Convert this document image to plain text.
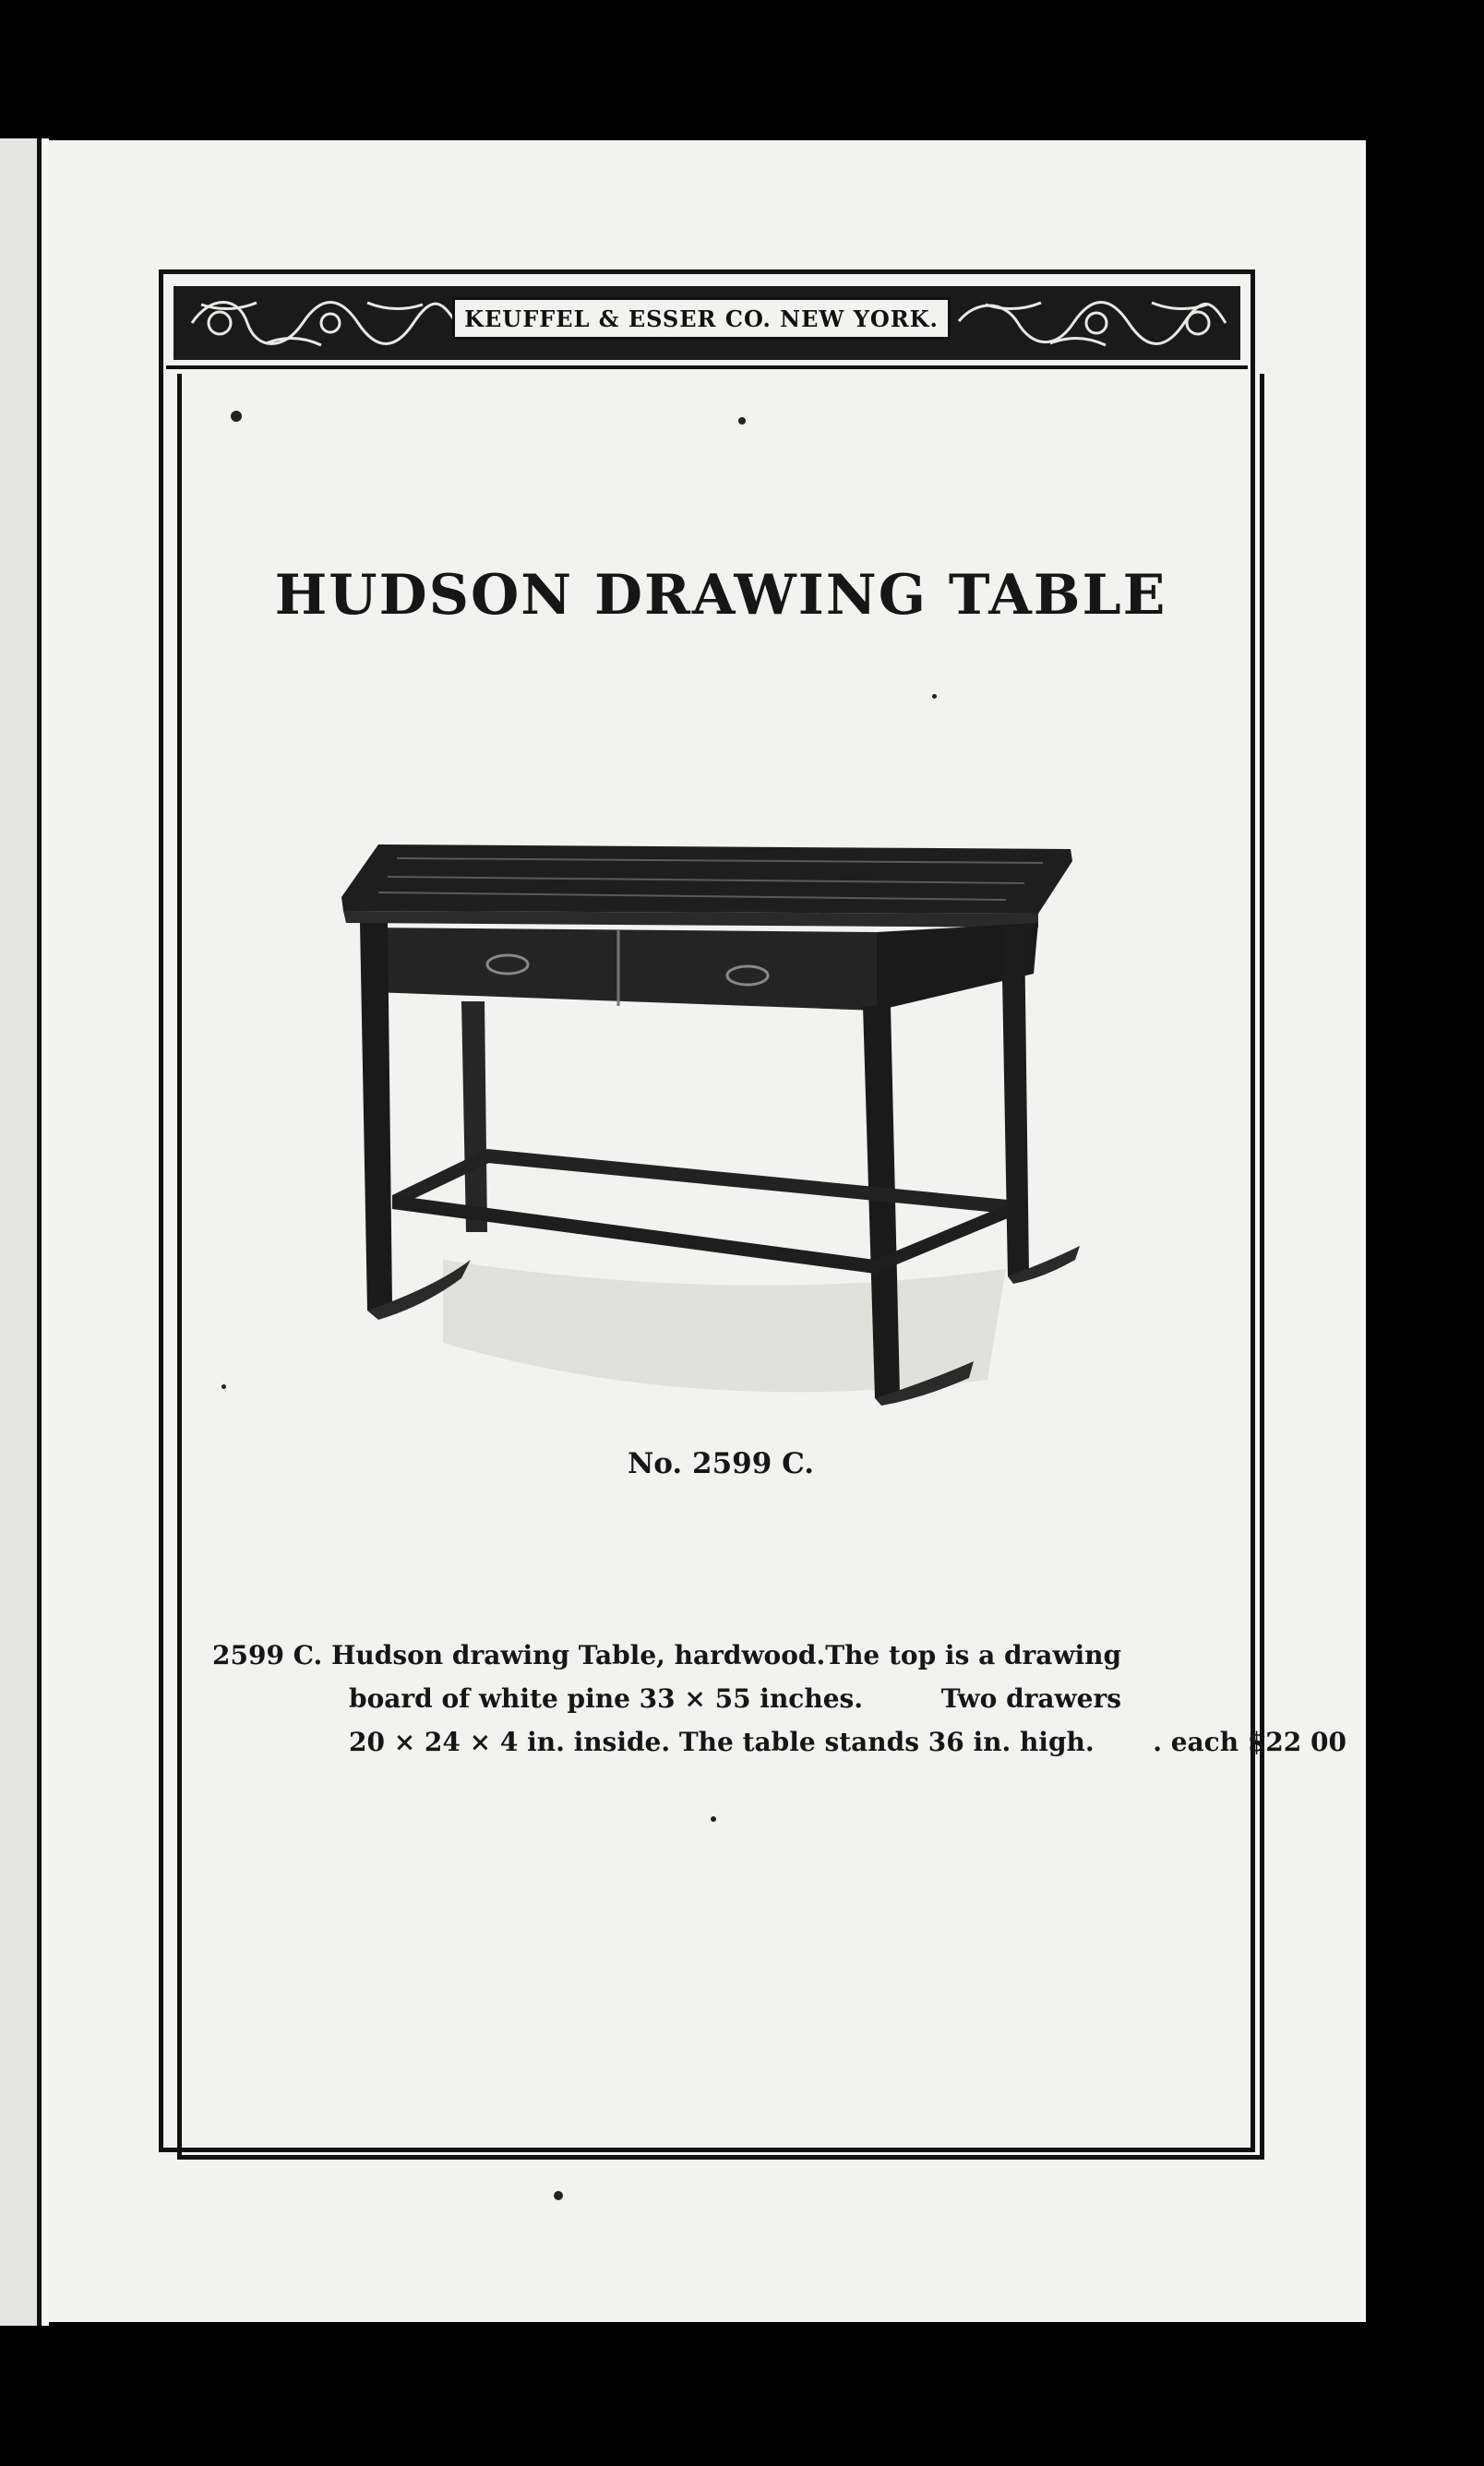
KEUFFEL & ESSER CO. NEW YORK.
HUDSON DRAWING TABLE
No. 2599 C.
2599 C. Hudson drawing Table, hardwood. The top is a drawing
board of white pine 33 × 55 inches.	Two drawers
20 × 24 × 4 in. inside. The table stands 36 in. high. . each $22 00
